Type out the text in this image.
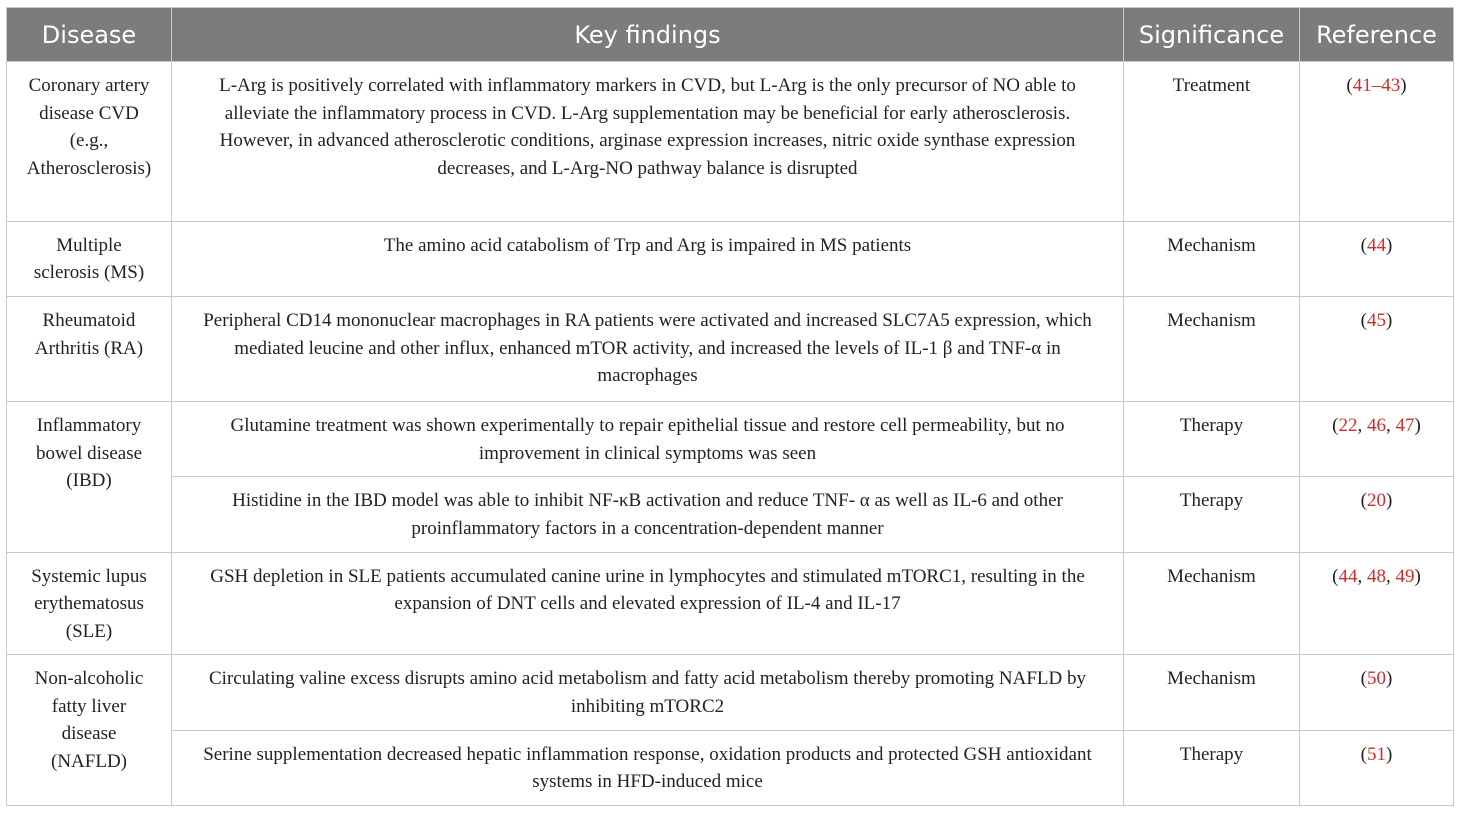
Disease	Key findings	Significance	Reference

Coronary artery disease CVD (e.g., Atherosclerosis)	L-Arg is positively correlated with inflammatory markers in CVD, but L-Arg is the only precursor of NO able to alleviate the inflammatory process in CVD. L-Arg supplementation may be beneficial for early atherosclerosis. However, in advanced atherosclerotic conditions, arginase expression increases, nitric oxide synthase expression decreases, and L-Arg-NO pathway balance is disrupted	Treatment	(41–43)

Multiple sclerosis (MS)	The amino acid catabolism of Trp and Arg is impaired in MS patients	Mechanism	(44)

Rheumatoid Arthritis (RA)	Peripheral CD14 mononuclear macrophages in RA patients were activated and increased SLC7A5 expression, which mediated leucine and other influx, enhanced mTOR activity, and increased the levels of IL-1 β and TNF-α in macrophages	Mechanism	(45)

Inflammatory bowel disease (IBD)	Glutamine treatment was shown experimentally to repair epithelial tissue and restore cell permeability, but no improvement in clinical symptoms was seen	Therapy	(22, 46, 47)
	Histidine in the IBD model was able to inhibit NF-κB activation and reduce TNF- α as well as IL-6 and other proinflammatory factors in a concentration-dependent manner	Therapy	(20)

Systemic lupus erythematosus (SLE)	GSH depletion in SLE patients accumulated canine urine in lymphocytes and stimulated mTORC1, resulting in the expansion of DNT cells and elevated expression of IL-4 and IL-17	Mechanism	(44, 48, 49)

Non-alcoholic fatty liver disease (NAFLD)	Circulating valine excess disrupts amino acid metabolism and fatty acid metabolism thereby promoting NAFLD by inhibiting mTORC2	Mechanism	(50)
	Serine supplementation decreased hepatic inflammation response, oxidation products and protected GSH antioxidant systems in HFD-induced mice	Therapy	(51)
